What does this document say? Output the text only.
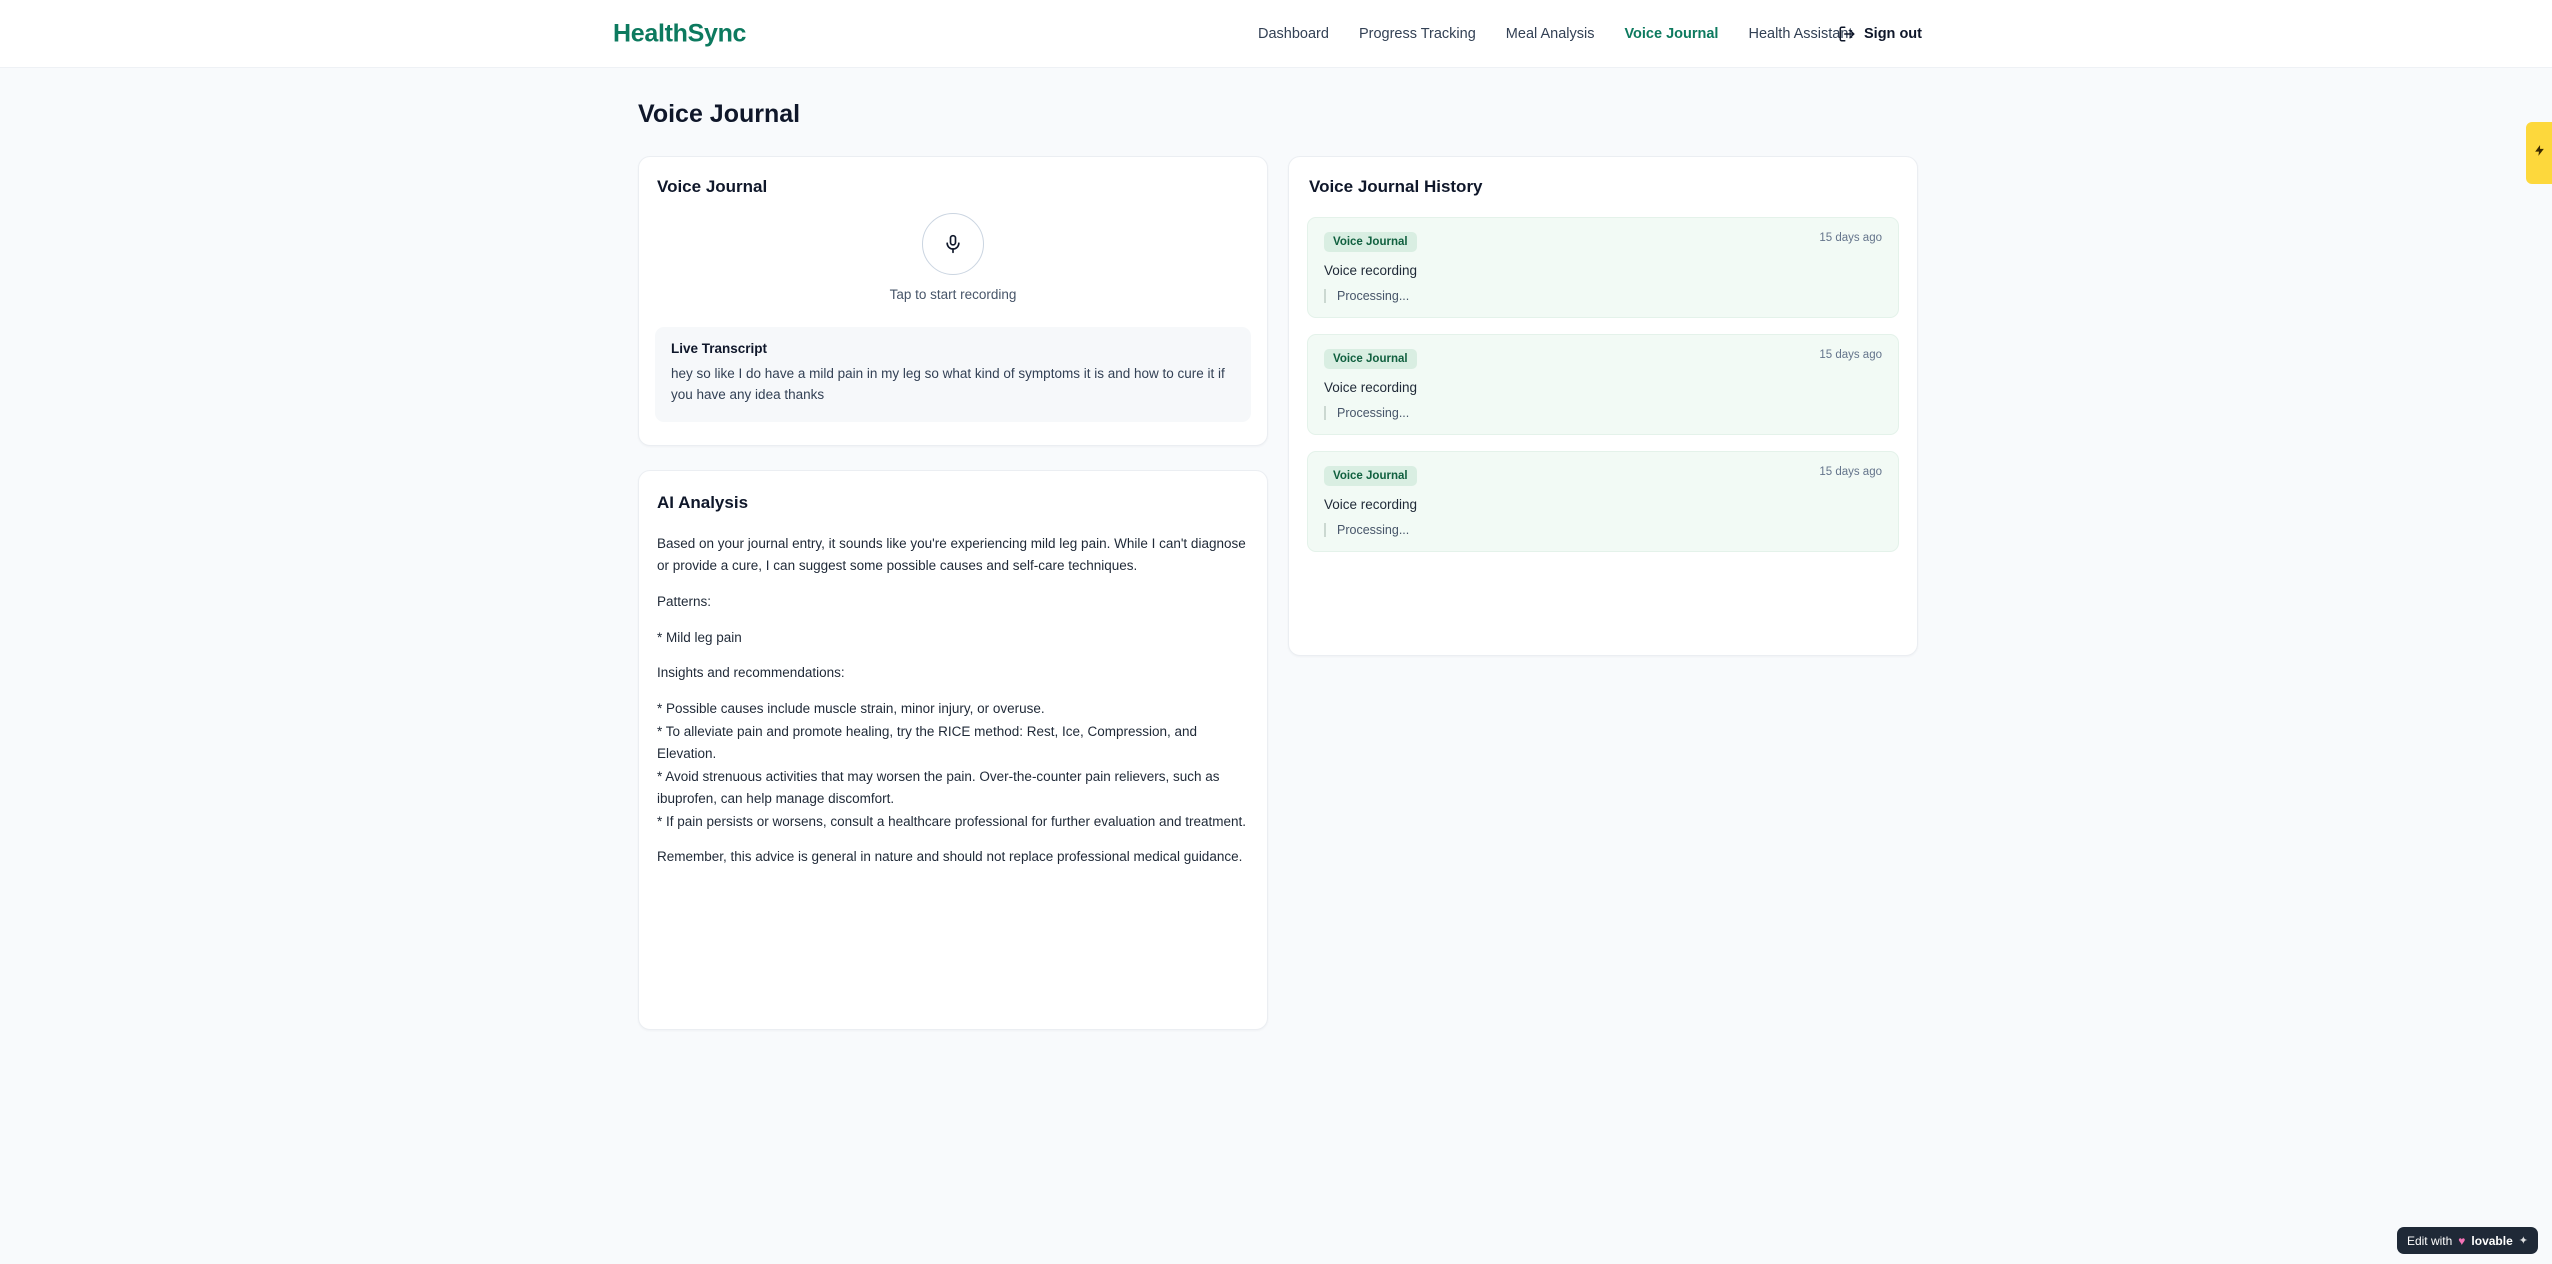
HealthSync	Dashboard Progress Tracking Meal Analysis Voice Journal Health Assistant Sign out
Voice Journal
Voice Journal
Tap to start recording
Live Transcript
hey so like I do have a mild pain in my leg so what kind of symptoms it is and how to cure it if you have any idea thanks
AI Analysis

Based on your journal entry, it sounds like you're experiencing mild leg pain. While I can't diagnose or provide a cure, I can suggest some possible causes and self-care techniques.

Patterns:

* Mild leg pain

Insights and recommendations:

* Possible causes include muscle strain, minor injury, or overuse.
* To alleviate pain and promote healing, try the RICE method: Rest, Ice, Compression, and Elevation.
* Avoid strenuous activities that may worsen the pain. Over-the-counter pain relievers, such as ibuprofen, can help manage discomfort.
* If pain persists or worsens, consult a healthcare professional for further evaluation and treatment.

Remember, this advice is general in nature and should not replace professional medical guidance.

Voice Journal History
Voice Journal	15 days ago
Voice recording
Processing...
Voice Journal	15 days ago
Voice recording
Processing...
Voice Journal	15 days ago
Voice recording
Processing...
Edit with ♥ lovable ✦
